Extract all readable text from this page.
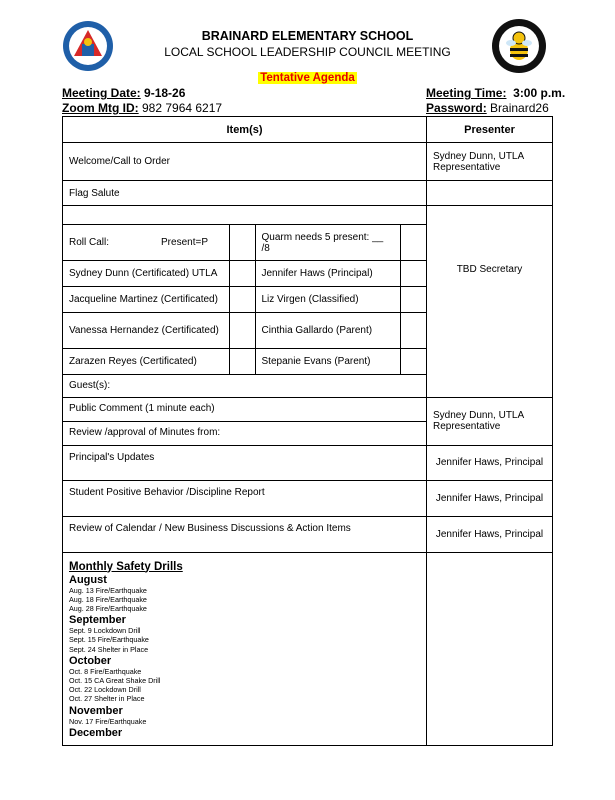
BRAINARD ELEMENTARY SCHOOL
LOCAL SCHOOL LEADERSHIP COUNCIL MEETING
Tentative Agenda
Meeting Date: 9-18-26
Zoom Mtg ID: 982 7964 6217
Meeting Time: 3:00 p.m.
Password: Brainard26
Item(s)	Presenter
Welcome/Call to Order	Sydney Dunn, UTLA Representative
Flag Salute	

Roll Call:	Present=P		Quarm needs 5 present: __ /8	
Sydney Dunn (Certificated) UTLA		Jennifer Haws (Principal)	
Jacqueline Martinez (Certificated)		Liz Virgen (Classified)	
Vanessa Hernandez (Certificated)		Cinthia Gallardo (Parent)	
Zarazen Reyes (Certificated)		Stepanie Evans (Parent)	
Guest(s):
	TBD Secretary

Public Comment (1 minute each)
Review /approval of Minutes from:
	Sydney Dunn, UTLA Representative
Principal's Updates	Jennifer Haws, Principal
Student Positive Behavior /Discipline Report	Jennifer Haws, Principal
Review of Calendar / New Business Discussions & Action Items	Jennifer Haws, Principal

Monthly Safety Drills
August
Aug. 13 Fire/Earthquake
Aug. 18 Fire/Earthquake
Aug. 28 Fire/Earthquake
September
Sept. 9 Lockdown Drill
Sept. 15 Fire/Earthquake
Sept. 24 Shelter in Place
October
Oct. 8 Fire/Earthquake
Oct. 15 CA Great Shake Drill
Oct. 22 Lockdown Drill
Oct. 27 Shelter in Place
November
Nov. 17 Fire/Earthquake
December
